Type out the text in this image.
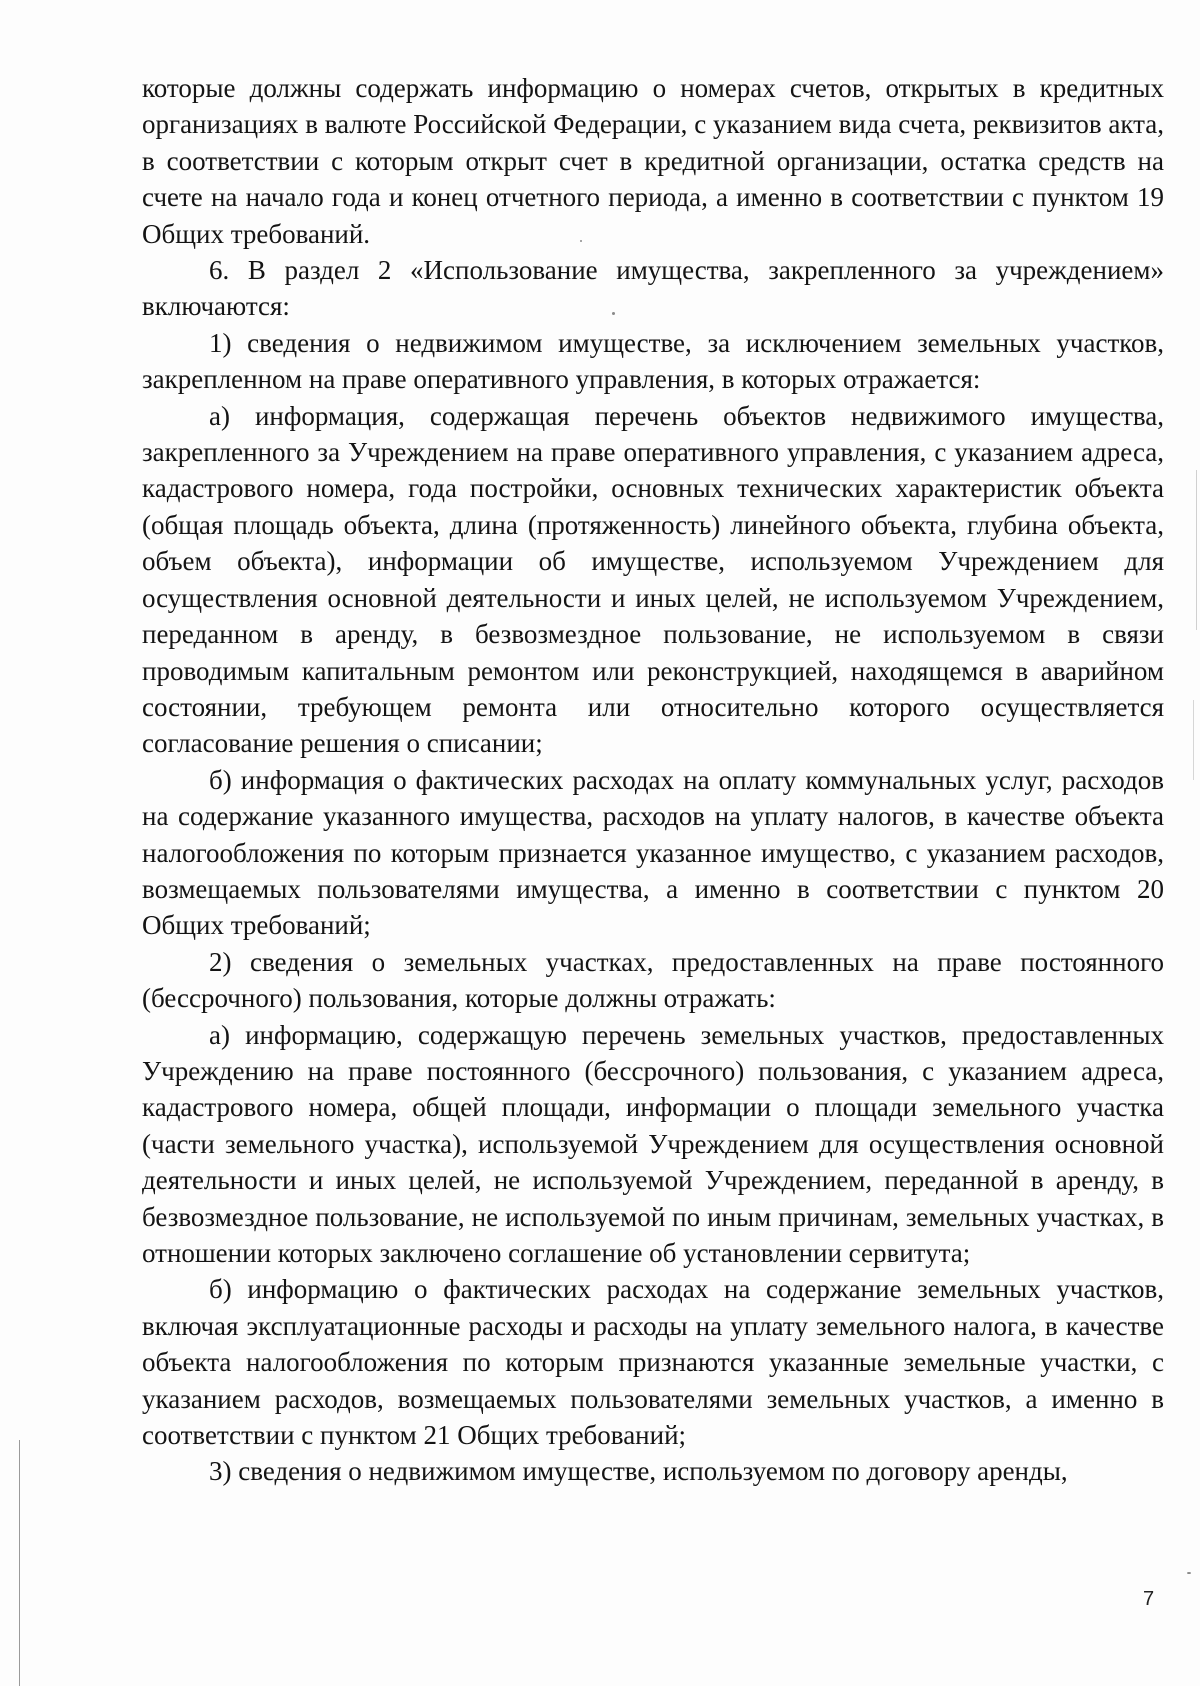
которые должны содержать информацию о номерах счетов, открытых в кредитных организациях в валюте Российской Федерации, с указанием вида счета, реквизитов акта, в соответствии с которым открыт счет в кредитной организации, остатка средств на счете на начало года и конец отчетного периода, а именно в соответствии с пунктом 19 Общих требований.

6. В раздел 2 «Использование имущества, закрепленного за учреждением» включаются:

1) сведения о недвижимом имуществе, за исключением земельных участков, закрепленном на праве оперативного управления, в которых отражается:

а) информация, содержащая перечень объектов недвижимого имущества, закрепленного за Учреждением на праве оперативного управления, с указанием адреса, кадастрового номера, года постройки, основных технических характеристик объекта (общая площадь объекта, длина (протяженность) линейного объекта, глубина объекта, объем объекта), информации об имуществе, используемом Учреждением для осуществления основной деятельности и иных целей, не используемом Учреждением, переданном в аренду, в безвозмездное пользование, не используемом в связи проводимым капитальным ремонтом или реконструкцией, находящемся в аварийном состоянии, требующем ремонта или относительно которого осуществляется согласование решения о списании;

б) информация о фактических расходах на оплату коммунальных услуг, расходов на содержание указанного имущества, расходов на уплату налогов, в качестве объекта налогообложения по которым признается указанное имущество, с указанием расходов, возмещаемых пользователями имущества, а именно в соответствии с пунктом 20 Общих требований;

2) сведения о земельных участках, предоставленных на праве постоянного (бессрочного) пользования, которые должны отражать:

а) информацию, содержащую перечень земельных участков, предоставленных Учреждению на праве постоянного (бессрочного) пользования, с указанием адреса, кадастрового номера, общей площади, информации о площади земельного участка (части земельного участка), используемой Учреждением для осуществления основной деятельности и иных целей, не используемой Учреждением, переданной в аренду, в безвозмездное пользование, не используемой по иным причинам, земельных участках, в отношении которых заключено соглашение об установлении сервитута;

б) информацию о фактических расходах на содержание земельных участков, включая эксплуатационные расходы и расходы на уплату земельного налога, в качестве объекта налогообложения по которым признаются указанные земельные участки, с указанием расходов, возмещаемых пользователями земельных участков, а именно в соответствии с пунктом 21 Общих требований;

3) сведения о недвижимом имуществе, используемом по договору аренды,

7
